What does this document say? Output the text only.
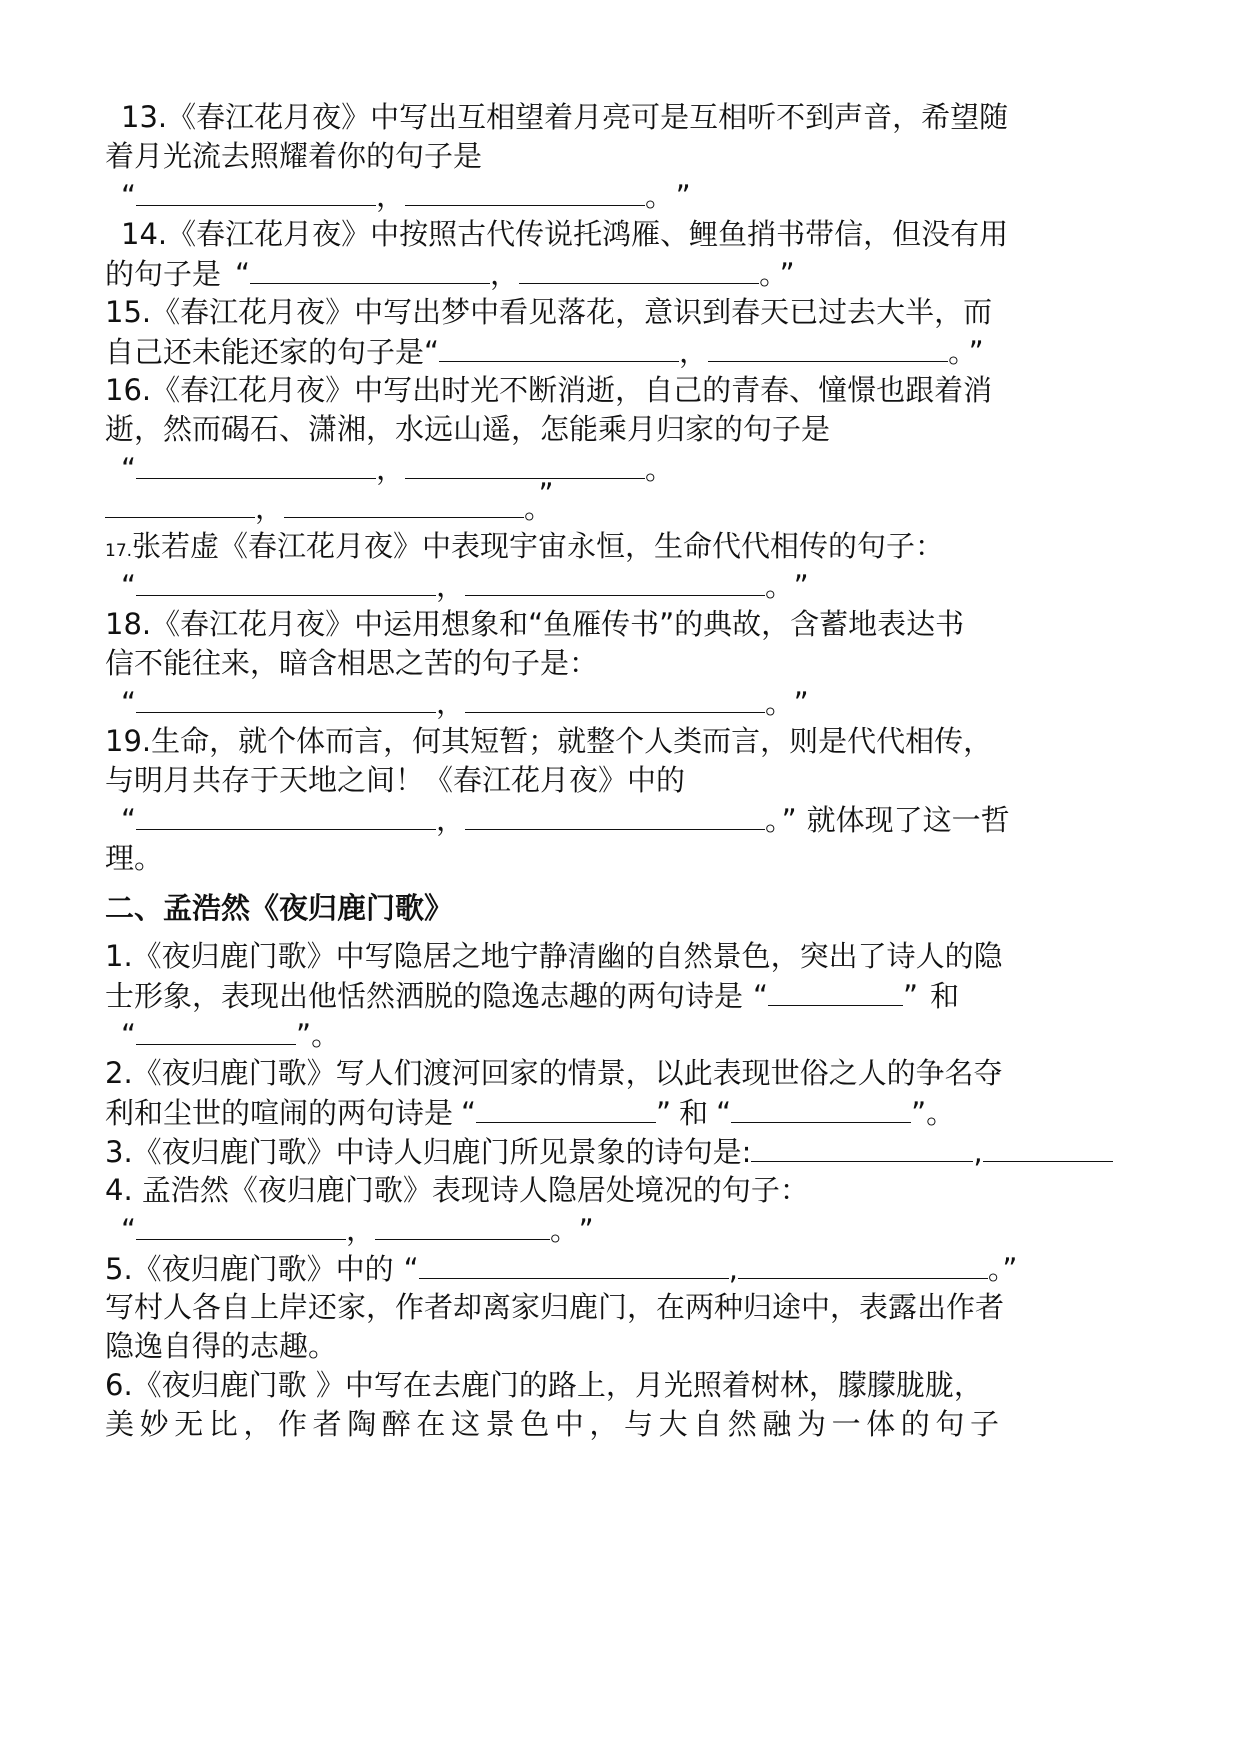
13.《春江花月夜》中写出互相望着月亮可是互相听不到声音，希望随

着月光流去照耀着你的句子是

“	，	。 ”

14.《春江花月夜》中按照古代传说托鸿雁、鲤鱼捎书带信，但没有用

的句子是 “	，	。 ”

15.《春江花月夜》中写出梦中看见落花，意识到春天已过去大半，而

自己还未能还家的句子是“	，	。 ”

16.《春江花月夜》中写出时光不断消逝，自己的青春、憧憬也跟着消

逝，然而碣石、潇湘，水远山遥，怎能乘月归家的句子是

“	，	。

，	。”

17.张若虚《春江花月夜》中表现宇宙永恒，生命代代相传的句子：

“	，	。 ”

18.《春江花月夜》中运用想象和“鱼雁传书”的典故，含蓄地表达书

信不能往来，暗含相思之苦的句子是：

“	，	。 ”

19.生命，就个体而言，何其短暂；就整个人类而言，则是代代相传，

与明月共存于天地之间！《春江花月夜》中的

“	，	。” 就体现了这一哲

理。

二、孟浩然《夜归鹿门歌》

1.《夜归鹿门歌》中写隐居之地宁静清幽的自然景色，突出了诗人的隐

士形象，表现出他恬然洒脱的隐逸志趣的两句诗是 “	” 和

“	”。

2.《夜归鹿门歌》写人们渡河回家的情景，以此表现世俗之人的争名夺

利和尘世的喧闹的两句诗是 “	” 和 “	”。

3.《夜归鹿门歌》中诗人归鹿门所见景象的诗句是:	,

4. 孟浩然《夜归鹿门歌》表现诗人隐居处境况的句子：

“	，	。 ”

5.《夜归鹿门歌》中的 “	,	。”

写村人各自上岸还家，作者却离家归鹿门，在两种归途中，表露出作者

隐逸自得的志趣。

6.《夜归鹿门歌 》中写在去鹿门的路上，月光照着树林，朦朦胧胧，

美妙无比，作者陶醉在这景色中，与大自然融为一体的句子
